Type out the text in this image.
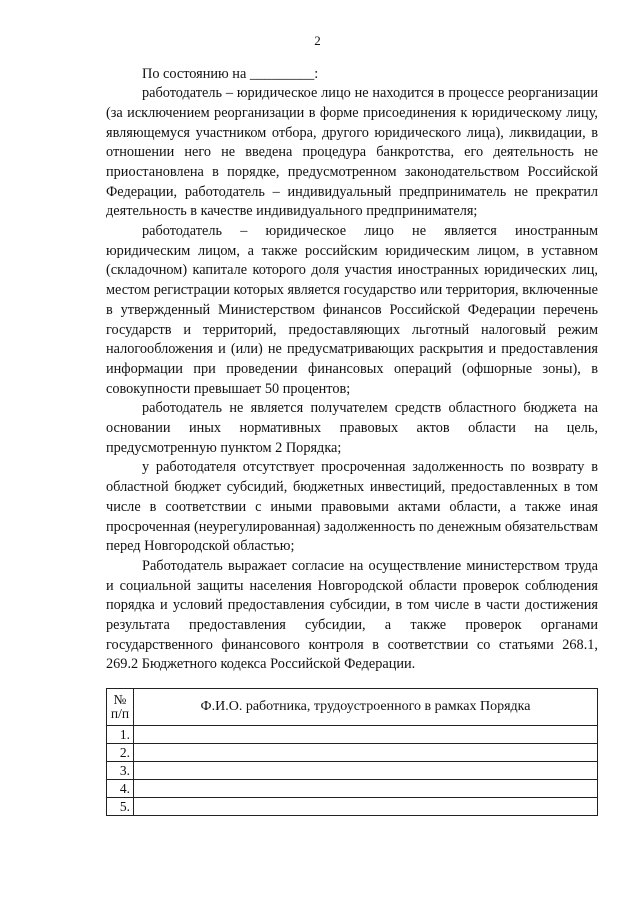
2

По состоянию на _________:

работодатель – юридическое лицо не находится в процессе реорганизации (за исключением реорганизации в форме присоединения к юридическому лицу, являющемуся участником отбора, другого юридического лица), ликвидации, в отношении него не введена процедура банкротства, его деятельность не приостановлена в порядке, предусмотренном законодательством Российской Федерации, работодатель – индивидуальный предприниматель не прекратил деятельность в качестве индивидуального предпринимателя;

работодатель – юридическое лицо не является иностранным юридическим лицом, а также российским юридическим лицом, в уставном (складочном) капитале которого доля участия иностранных юридических лиц, местом регистрации которых является государство или территория, включенные в утвержденный Министерством финансов Российской Федерации перечень государств и территорий, предоставляющих льготный налоговый режим налогообложения и (или) не предусматривающих раскрытия и предоставления информации при проведении финансовых операций (офшорные зоны), в совокупности превышает 50 процентов;

работодатель не является получателем средств областного бюджета на основании иных нормативных правовых актов области на цель, предусмотренную пунктом 2 Порядка;

у работодателя отсутствует просроченная задолженность по возврату в областной бюджет субсидий, бюджетных инвестиций, предоставленных в том числе в соответствии с иными правовыми актами области, а также иная просроченная (неурегулированная) задолженность по денежным обязательствам перед Новгородской областью;

Работодатель выражает согласие на осуществление министерством труда и социальной защиты населения Новгородской области проверок соблюдения порядка и условий предоставления субсидии, в том числе в части достижения результата предоставления субсидии, а также проверок органами государственного финансового контроля в соответствии со статьями 268.1, 269.2 Бюджетного кодекса Российской Федерации.

№ п/п	Ф.И.О. работника, трудоустроенного в рамках Порядка
1.	
2.	
3.	
4.	
5.	
